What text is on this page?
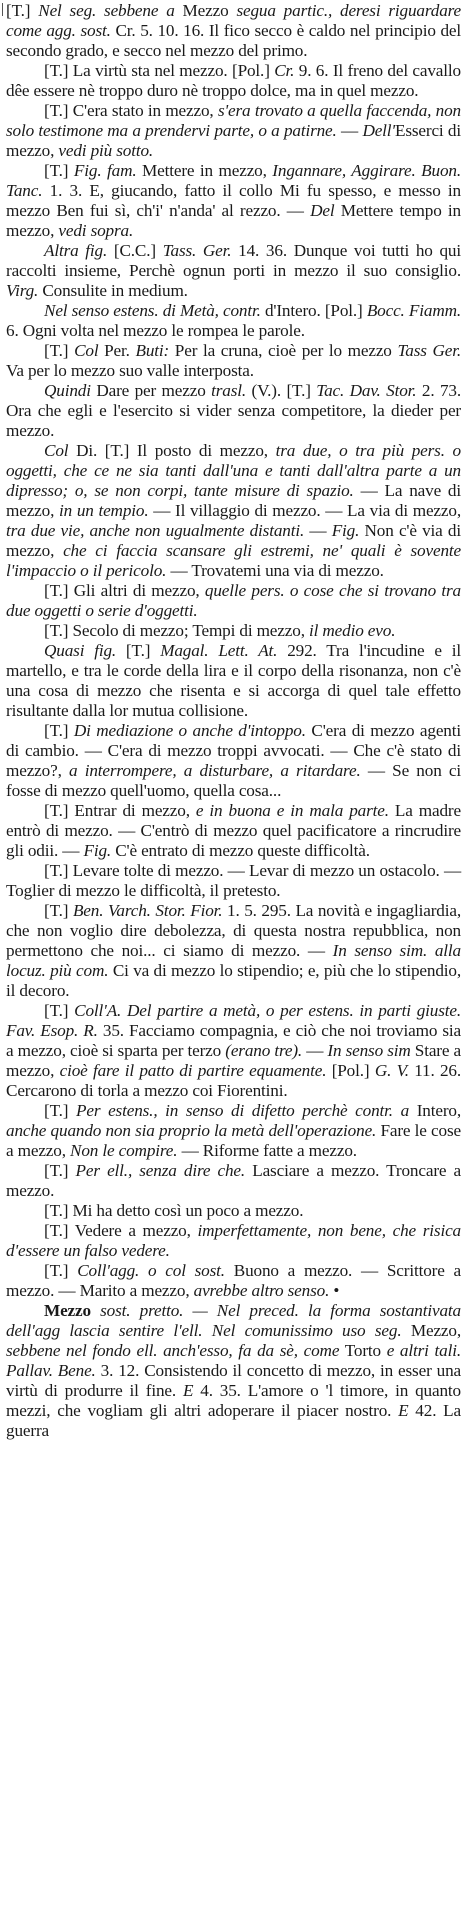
[T.] Nel seg. sebbene a Mezzo segua partic., deresi riguardare come agg. sost. Cr. 5. 10. 16. Il fico secco è caldo nel principio del secondo grado, e secco nel mezzo del primo.

[T.] La virtù sta nel mezzo. [Pol.] Cr. 9. 6. Il freno del cavallo dêe essere nè troppo duro nè troppo dolce, ma in quel mezzo.

[T.] C'era stato in mezzo, s'era trovato a quella faccenda, non solo testimone ma a prendervi parte, o a patirne. — Dell'Esserci di mezzo, vedi più sotto.

[T.] Fig. fam. Mettere in mezzo, Ingannare, Aggirare. Buon. Tanc. 1. 3. E, giucando, fatto il collo Mi fu spesso, e messo in mezzo Ben fui sì, ch'i' n'anda' al rezzo. — Del Mettere tempo in mezzo, vedi sopra.

Altra fig. [C.C.] Tass. Ger. 14. 36. Dunque voi tutti ho qui raccolti insieme, Perchè ognun porti in mezzo il suo consiglio. Virg. Consulite in medium.

Nel senso estens. di Metà, contr. d'Intero. [Pol.] Bocc. Fiamm. 6. Ogni volta nel mezzo le rompea le parole.

[T.] Col Per. Buti: Per la cruna, cioè per lo mezzo Tass Ger. Va per lo mezzo suo valle interposta.

Quindi Dare per mezzo trasl. (V.). [T.] Tac. Dav. Stor. 2. 73. Ora che egli e l'esercito si vider senza competitore, la dieder per mezzo.

Col Di. [T.] Il posto di mezzo, tra due, o tra più pers. o oggetti, che ce ne sia tanti dall'una e tanti dall'altra parte a un dipresso; o, se non corpi, tante misure di spazio. — La nave di mezzo, in un tempio. — Il villaggio di mezzo. — La via di mezzo, tra due vie, anche non ugualmente distanti. — Fig. Non c'è via di mezzo, che ci faccia scansare gli estremi, ne' quali è sovente l'impaccio o il pericolo. — Trovatemi una via di mezzo.

[T.] Gli altri di mezzo, quelle pers. o cose che si trovano tra due oggetti o serie d'oggetti.

[T.] Secolo di mezzo; Tempi di mezzo, il medio evo.

Quasi fig. [T.] Magal. Lett. At. 292. Tra l'incudine e il martello, e tra le corde della lira e il corpo della risonanza, non c'è una cosa di mezzo che risenta e si accorga di quel tale effetto risultante dalla lor mutua collisione.

[T.] Di mediazione o anche d'intoppo. C'era di mezzo agenti di cambio. — C'era di mezzo troppi avvocati. — Che c'è stato di mezzo?, a interrompere, a disturbare, a ritardare. — Se non ci fosse di mezzo quell'uomo, quella cosa...

[T.] Entrar di mezzo, e in buona e in mala parte. La madre entrò di mezzo. — C'entrò di mezzo quel pacificatore a rincrudire gli odii. — Fig. C'è entrato di mezzo queste difficoltà.

[T.] Levare tolte di mezzo. — Levar di mezzo un ostacolo. — Toglier di mezzo le difficoltà, il pretesto.

[T.] Ben. Varch. Stor. Fior. 1. 5. 295. La novità e ingagliardia, che non voglio dire debolezza, di questa nostra repubblica, non permettono che noi... ci siamo di mezzo. — In senso sim. alla locuz. più com. Ci va di mezzo lo stipendio; e, più che lo stipendio, il decoro.

[T.] Coll'A. Del partire a metà, o per estens. in parti giuste. Fav. Esop. R. 35. Facciamo compagnia, e ciò che noi troviamo sia a mezzo, cioè si sparta per terzo (erano tre). — In senso sim Stare a mezzo, cioè fare il patto di partire equamente. [Pol.] G. V. 11. 26. Cercarono di torla a mezzo coi Fiorentini.

[T.] Per estens., in senso di difetto perchè contr. a Intero, anche quando non sia proprio la metà dell'operazione. Fare le cose a mezzo, Non le compire. — Riforme fatte a mezzo.

[T.] Per ell., senza dire che. Lasciare a mezzo. Troncare a mezzo.

[T.] Mi ha detto così un poco a mezzo.

[T.] Vedere a mezzo, imperfettamente, non bene, che risica d'essere un falso vedere.

[T.] Coll'agg. o col sost. Buono a mezzo. — Scrittore a mezzo. — Marito a mezzo, avrebbe altro senso. •

Mezzo sost. pretto. — Nel preced. la forma sostantivata dell'agg lascia sentire l'ell. Nel comunissimo uso seg. Mezzo, sebbene nel fondo ell. anch'esso, fa da sè, come Torto e altri tali. Pallav. Bene. 3. 12. Consistendo il concetto di mezzo, in esser una virtù di produrre il fine. E 4. 35. L'amore o 'l timore, in quanto mezzi, che vogliam gli altri adoperare il piacer nostro. E 42. La guerra
